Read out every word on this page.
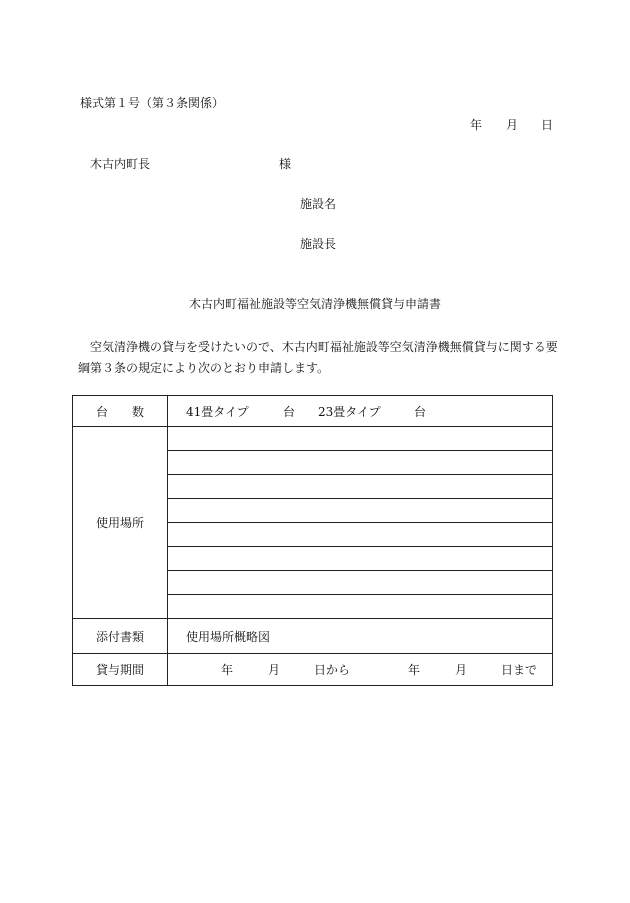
様式第１号（第３条関係）
年 月 日
木古内町長	様
施設名
施設長
木古内町福祉施設等空気清浄機無償貸与申請書
空気清浄機の貸与を受けたいので、木古内町福祉施設等空気清浄機無償貸与に関する要綱第３条の規定により次のとおり申請します。
台 数	41畳タイプ 台 23畳タイプ 台
使用場所	

添付書類	使用場所概略図
貸与期間	年 月 日から 年 月 日まで
